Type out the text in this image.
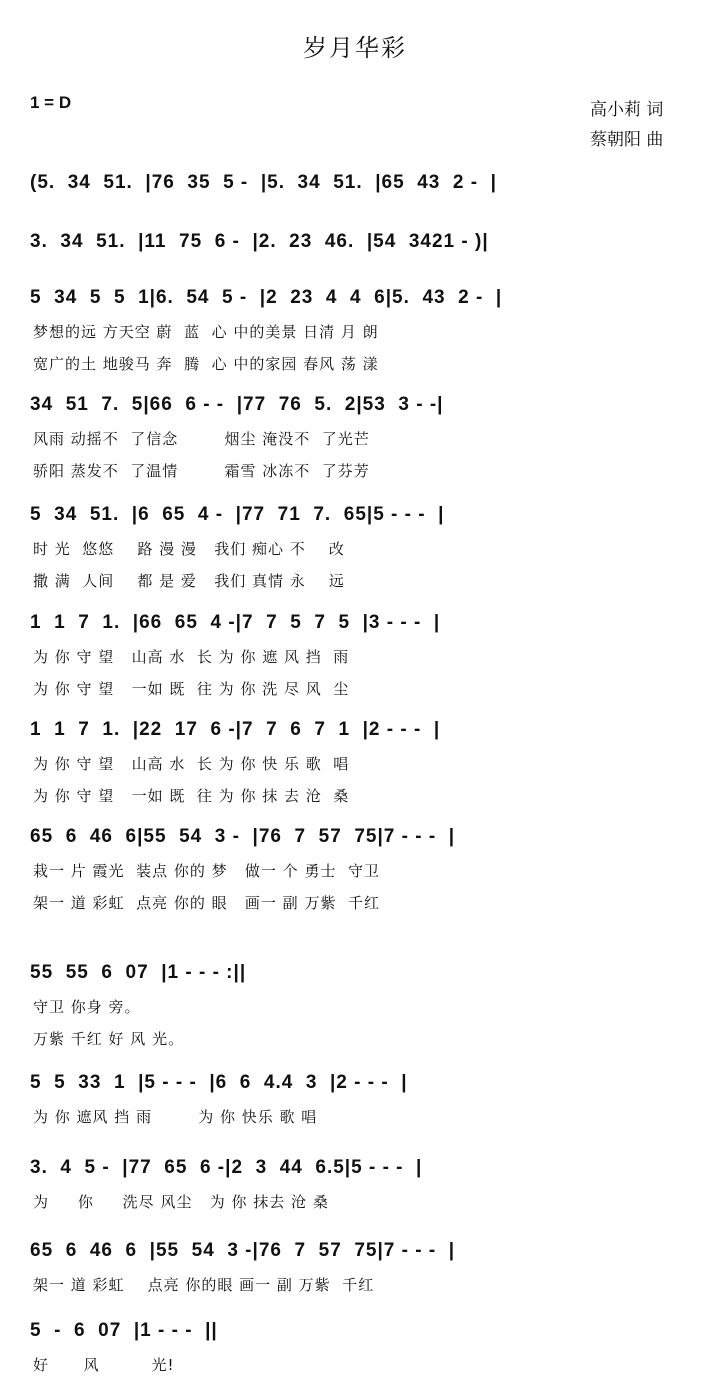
岁月华彩
1 = D	高小莉 词
蔡朝阳 曲
(5.  34  51.  |76  35  5 -  |5.  34  51.  |65  43  2 -  |
3.  34  51.  |11  75  6 -  |2.  23  46.  |54  3421 - )|
5  34  5  5  1|6.  54  5 -  |2  23  4  4  6|5.  43  2 -  |
梦想的远 方天空 蔚  蓝  心 中的美景 日清 月 朗
宽广的土 地骏马 奔  腾  心 中的家园 春风 荡 漾
34  51  7.  5|66  6 - -  |77  76  5.  2|53  3 - -|
风雨 动摇不  了信念        烟尘 淹没不  了光芒
骄阳 蒸发不  了温情        霜雪 冰冻不  了芬芳
5  34  51.  |6  65  4 -  |77  71  7.  65|5 - - -  |
时 光  悠悠    路 漫 漫   我们 痴心 不    改
撒 满  人间    都 是 爱   我们 真情 永    远
1  1  7  1.  |66  65  4 -|7  7  5  7  5  |3 - - -  |
为 你 守 望   山高 水  长 为 你 遮 风 挡  雨
为 你 守 望   一如 既  往 为 你 洗 尽 风  尘
1  1  7  1.  |22  17  6 -|7  7  6  7  1  |2 - - -  |
为 你 守 望   山高 水  长 为 你 快 乐 歌  唱
为 你 守 望   一如 既  往 为 你 抹 去 沧  桑
65  6  46  6|55  54  3 -  |76  7  57  75|7 - - -  |
栽一 片 霞光  装点 你的 梦   做一 个 勇士  守卫
架一 道 彩虹  点亮 你的 眼   画一 副 万紫  千红
55  55  6  07  |1 - - - :||
守卫 你身 旁。
万紫 千红 好 风 光。
5  5  33  1  |5 - - -  |6  6  4.4  3  |2 - - -  |
为 你 遮风 挡 雨        为 你 快乐 歌 唱
3.  4  5 -  |77  65  6 -|2  3  44  6.5|5 - - -  |
为     你     洗尽 风尘   为 你 抹去 沧 桑
65  6  46  6  |55  54  3 -|76  7  57  75|7 - - -  |
架一 道 彩虹    点亮 你的眼 画一 副 万紫  千红
5  -  6  07  |1 - - -  ||
好      风         光!
